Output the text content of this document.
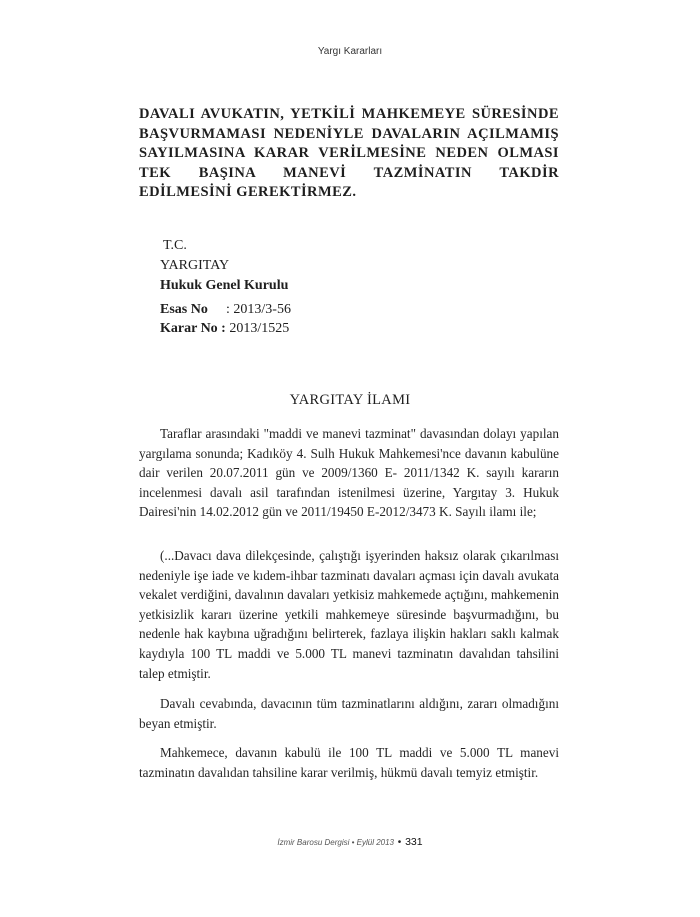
Yargı Kararları
DAVALI AVUKATIN, YETKİLİ MAHKEMEYE SÜRESİNDE BAŞVURMAMASI NEDENİYLE DAVALARIN AÇILMAMIŞ SAYILMASINA KARAR VERİLMESİNE NEDEN OLMASI TEK BAŞINA MANEVİ TAZMİNATIN TAKDİR EDİLMESİNİ GEREKTİRMEZ.
T.C.
YARGITAY
Hukuk Genel Kurulu
Esas No : 2013/3-56
Karar No : 2013/1525
YARGITAY İLAMI

Taraflar arasındaki "maddi ve manevi tazminat" davasından dolayı yapılan yargılama sonunda; Kadıköy 4. Sulh Hukuk Mahkemesi'nce davanın kabulüne dair verilen 20.07.2011 gün ve 2009/1360 E- 2011/1342 K. sayılı kararın incelenmesi davalı asil tarafından istenilmesi üzerine, Yargıtay 3. Hukuk Dairesi'nin 14.02.2012 gün ve 2011/19450 E-2012/3473 K. Sayılı ilamı ile;

(...Davacı dava dilekçesinde, çalıştığı işyerinden haksız olarak çıkarılması nedeniyle işe iade ve kıdem-ihbar tazminatı davaları açması için davalı avukata vekalet verdiğini, davalının davaları yetkisiz mahkemede açtığını, mahkemenin yetkisizlik kararı üzerine yetkili mahkemeye süresinde başvurmadığını, bu nedenle hak kaybına uğradığını belirterek, fazlaya ilişkin hakları saklı kalmak kaydıyla 100 TL maddi ve 5.000 TL manevi tazminatın davalıdan tahsilini talep etmiştir.

Davalı cevabında, davacının tüm tazminatlarını aldığını, zararı olmadığını beyan etmiştir.

Mahkemece, davanın kabulü ile 100 TL maddi ve 5.000 TL manevi tazminatın davalıdan tahsiline karar verilmiş, hükmü davalı temyiz etmiştir.

İzmir Barosu Dergisi • Eylül 2013 • 331
